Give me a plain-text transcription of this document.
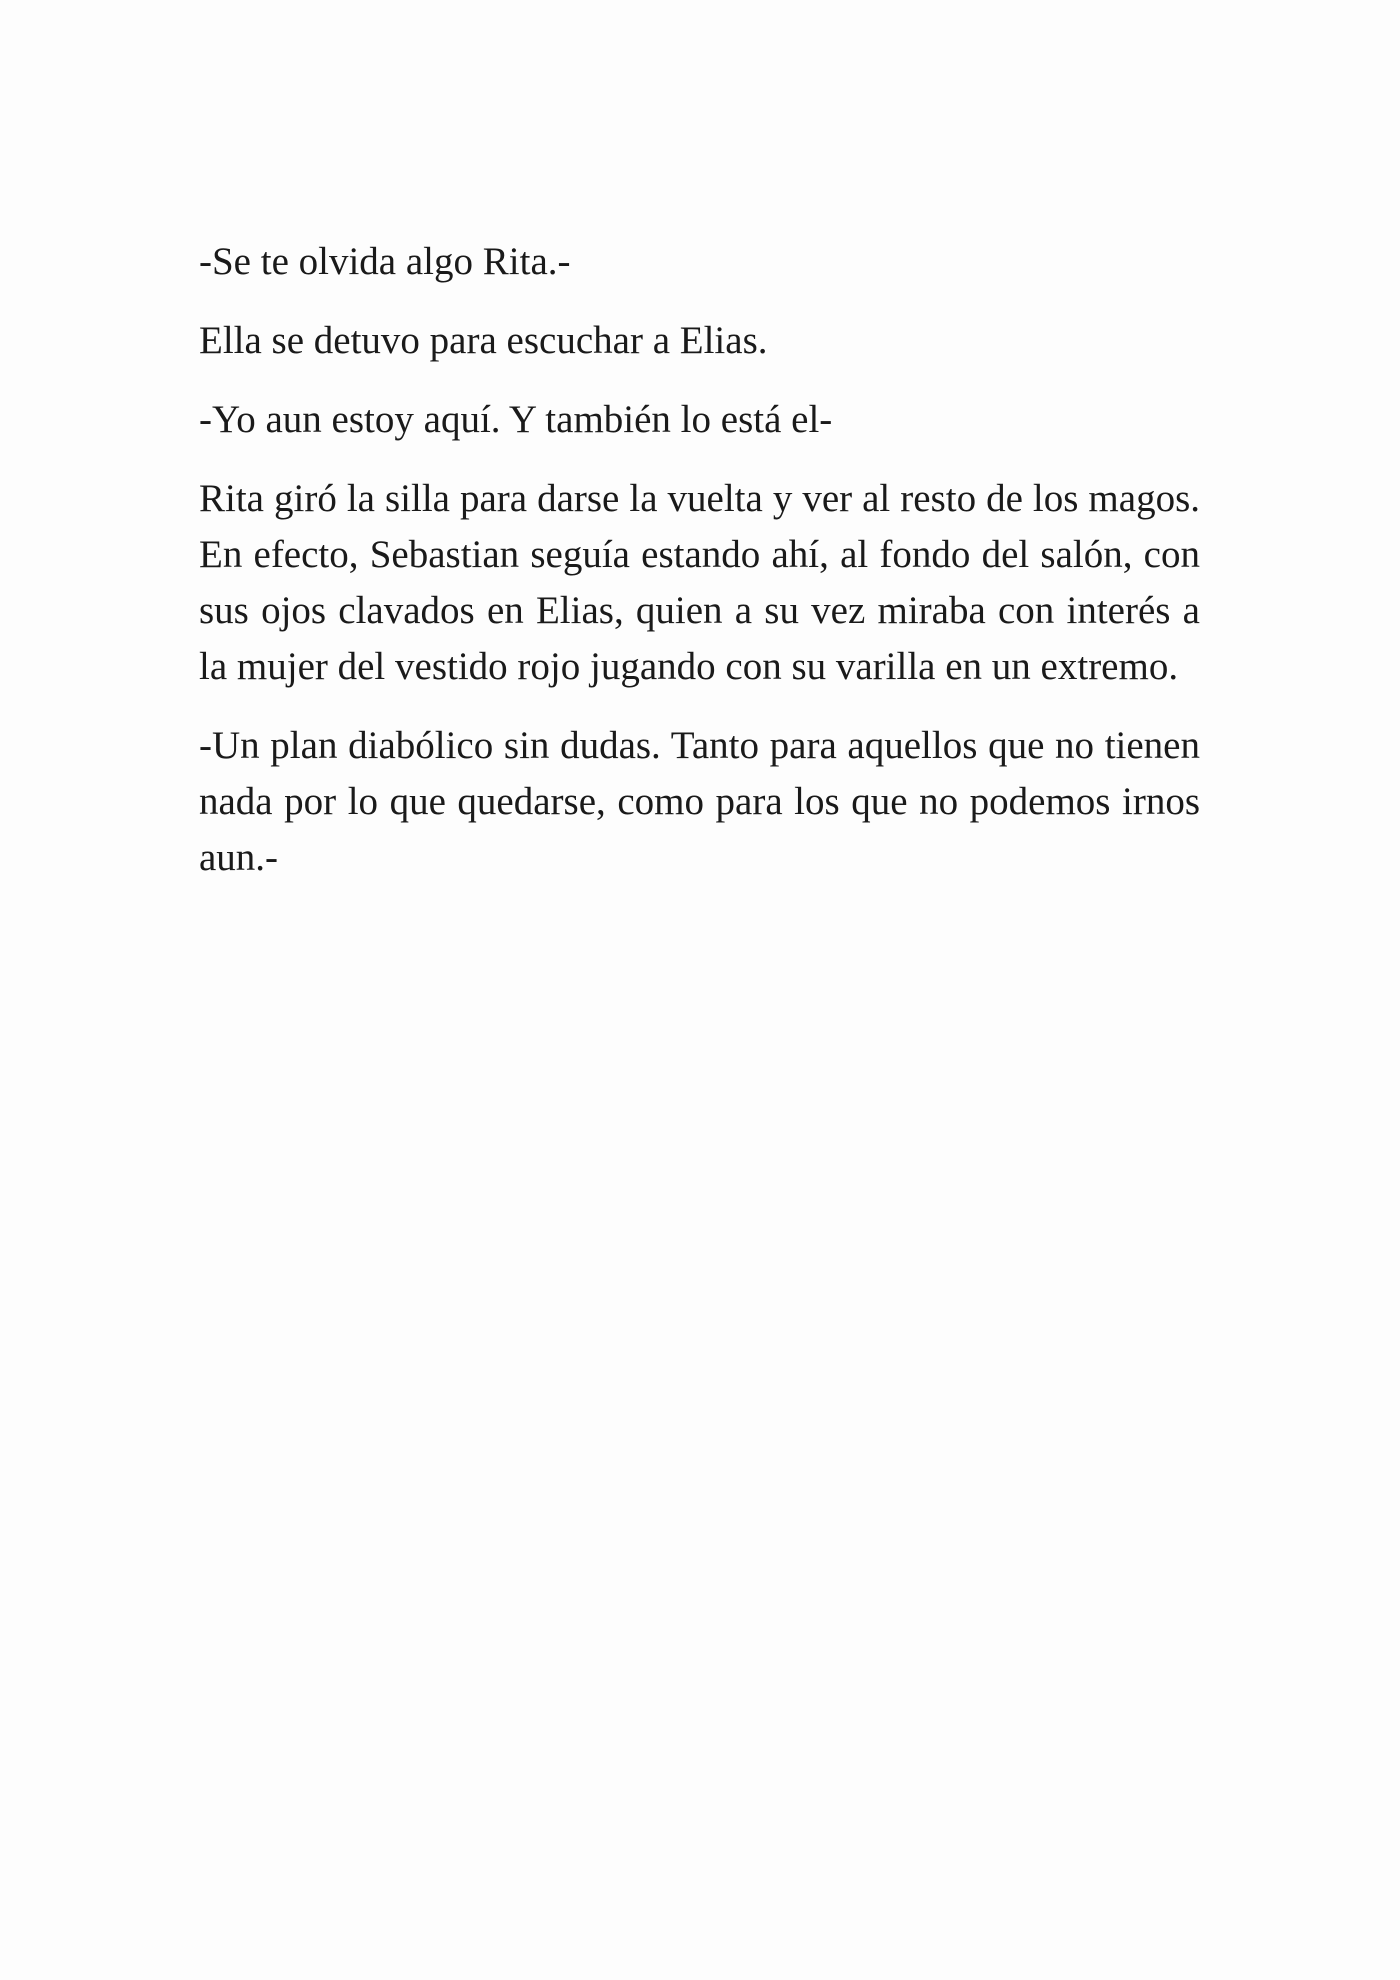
-Se te olvida algo Rita.-

Ella se detuvo para escuchar a Elias.

-Yo aun estoy aquí. Y también lo está el-

Rita giró la silla para darse la vuelta y ver al resto de los magos. En efecto, Sebastian seguía estando ahí, al fondo del salón, con sus ojos clavados en Elias, quien a su vez miraba con interés a la mujer del vestido rojo jugando con su varilla en un extremo.

-Un plan diabólico sin dudas. Tanto para aquellos que no tienen nada por lo que quedarse, como para los que no podemos irnos aun.-
